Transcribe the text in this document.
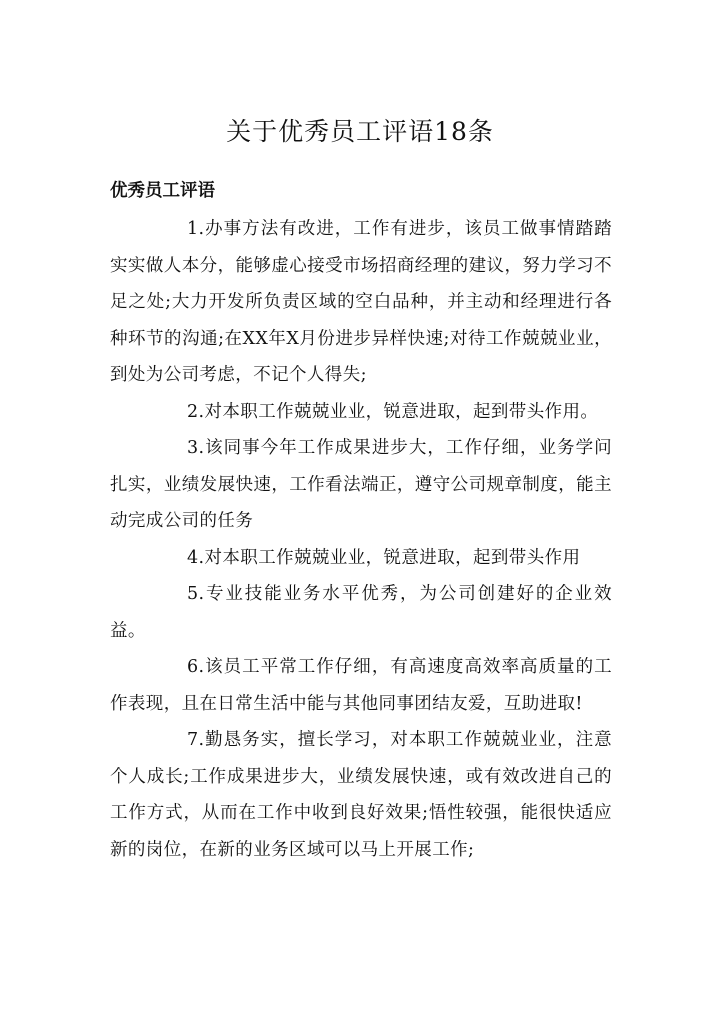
关于优秀员工评语18条
优秀员工评语

1.办事方法有改进，工作有进步，该员工做事情踏踏实实做人本分，能够虚心接受市场招商经理的建议，努力学习不足之处;大力开发所负责区域的空白品种，并主动和经理进行各种环节的沟通;在XX年X月份进步异样快速;对待工作兢兢业业，到处为公司考虑，不记个人得失;

2.对本职工作兢兢业业，锐意进取，起到带头作用。

3.该同事今年工作成果进步大，工作仔细，业务学问扎实，业绩发展快速，工作看法端正，遵守公司规章制度，能主动完成公司的任务

4.对本职工作兢兢业业，锐意进取，起到带头作用

5.专业技能业务水平优秀，为公司创建好的企业效益。

6.该员工平常工作仔细，有高速度高效率高质量的工作表现，且在日常生活中能与其他同事团结友爱，互助进取!

7.勤恳务实，擅长学习，对本职工作兢兢业业，注意个人成长;工作成果进步大，业绩发展快速，或有效改进自己的工作方式，从而在工作中收到良好效果;悟性较强，能很快适应新的岗位，在新的业务区域可以马上开展工作;
